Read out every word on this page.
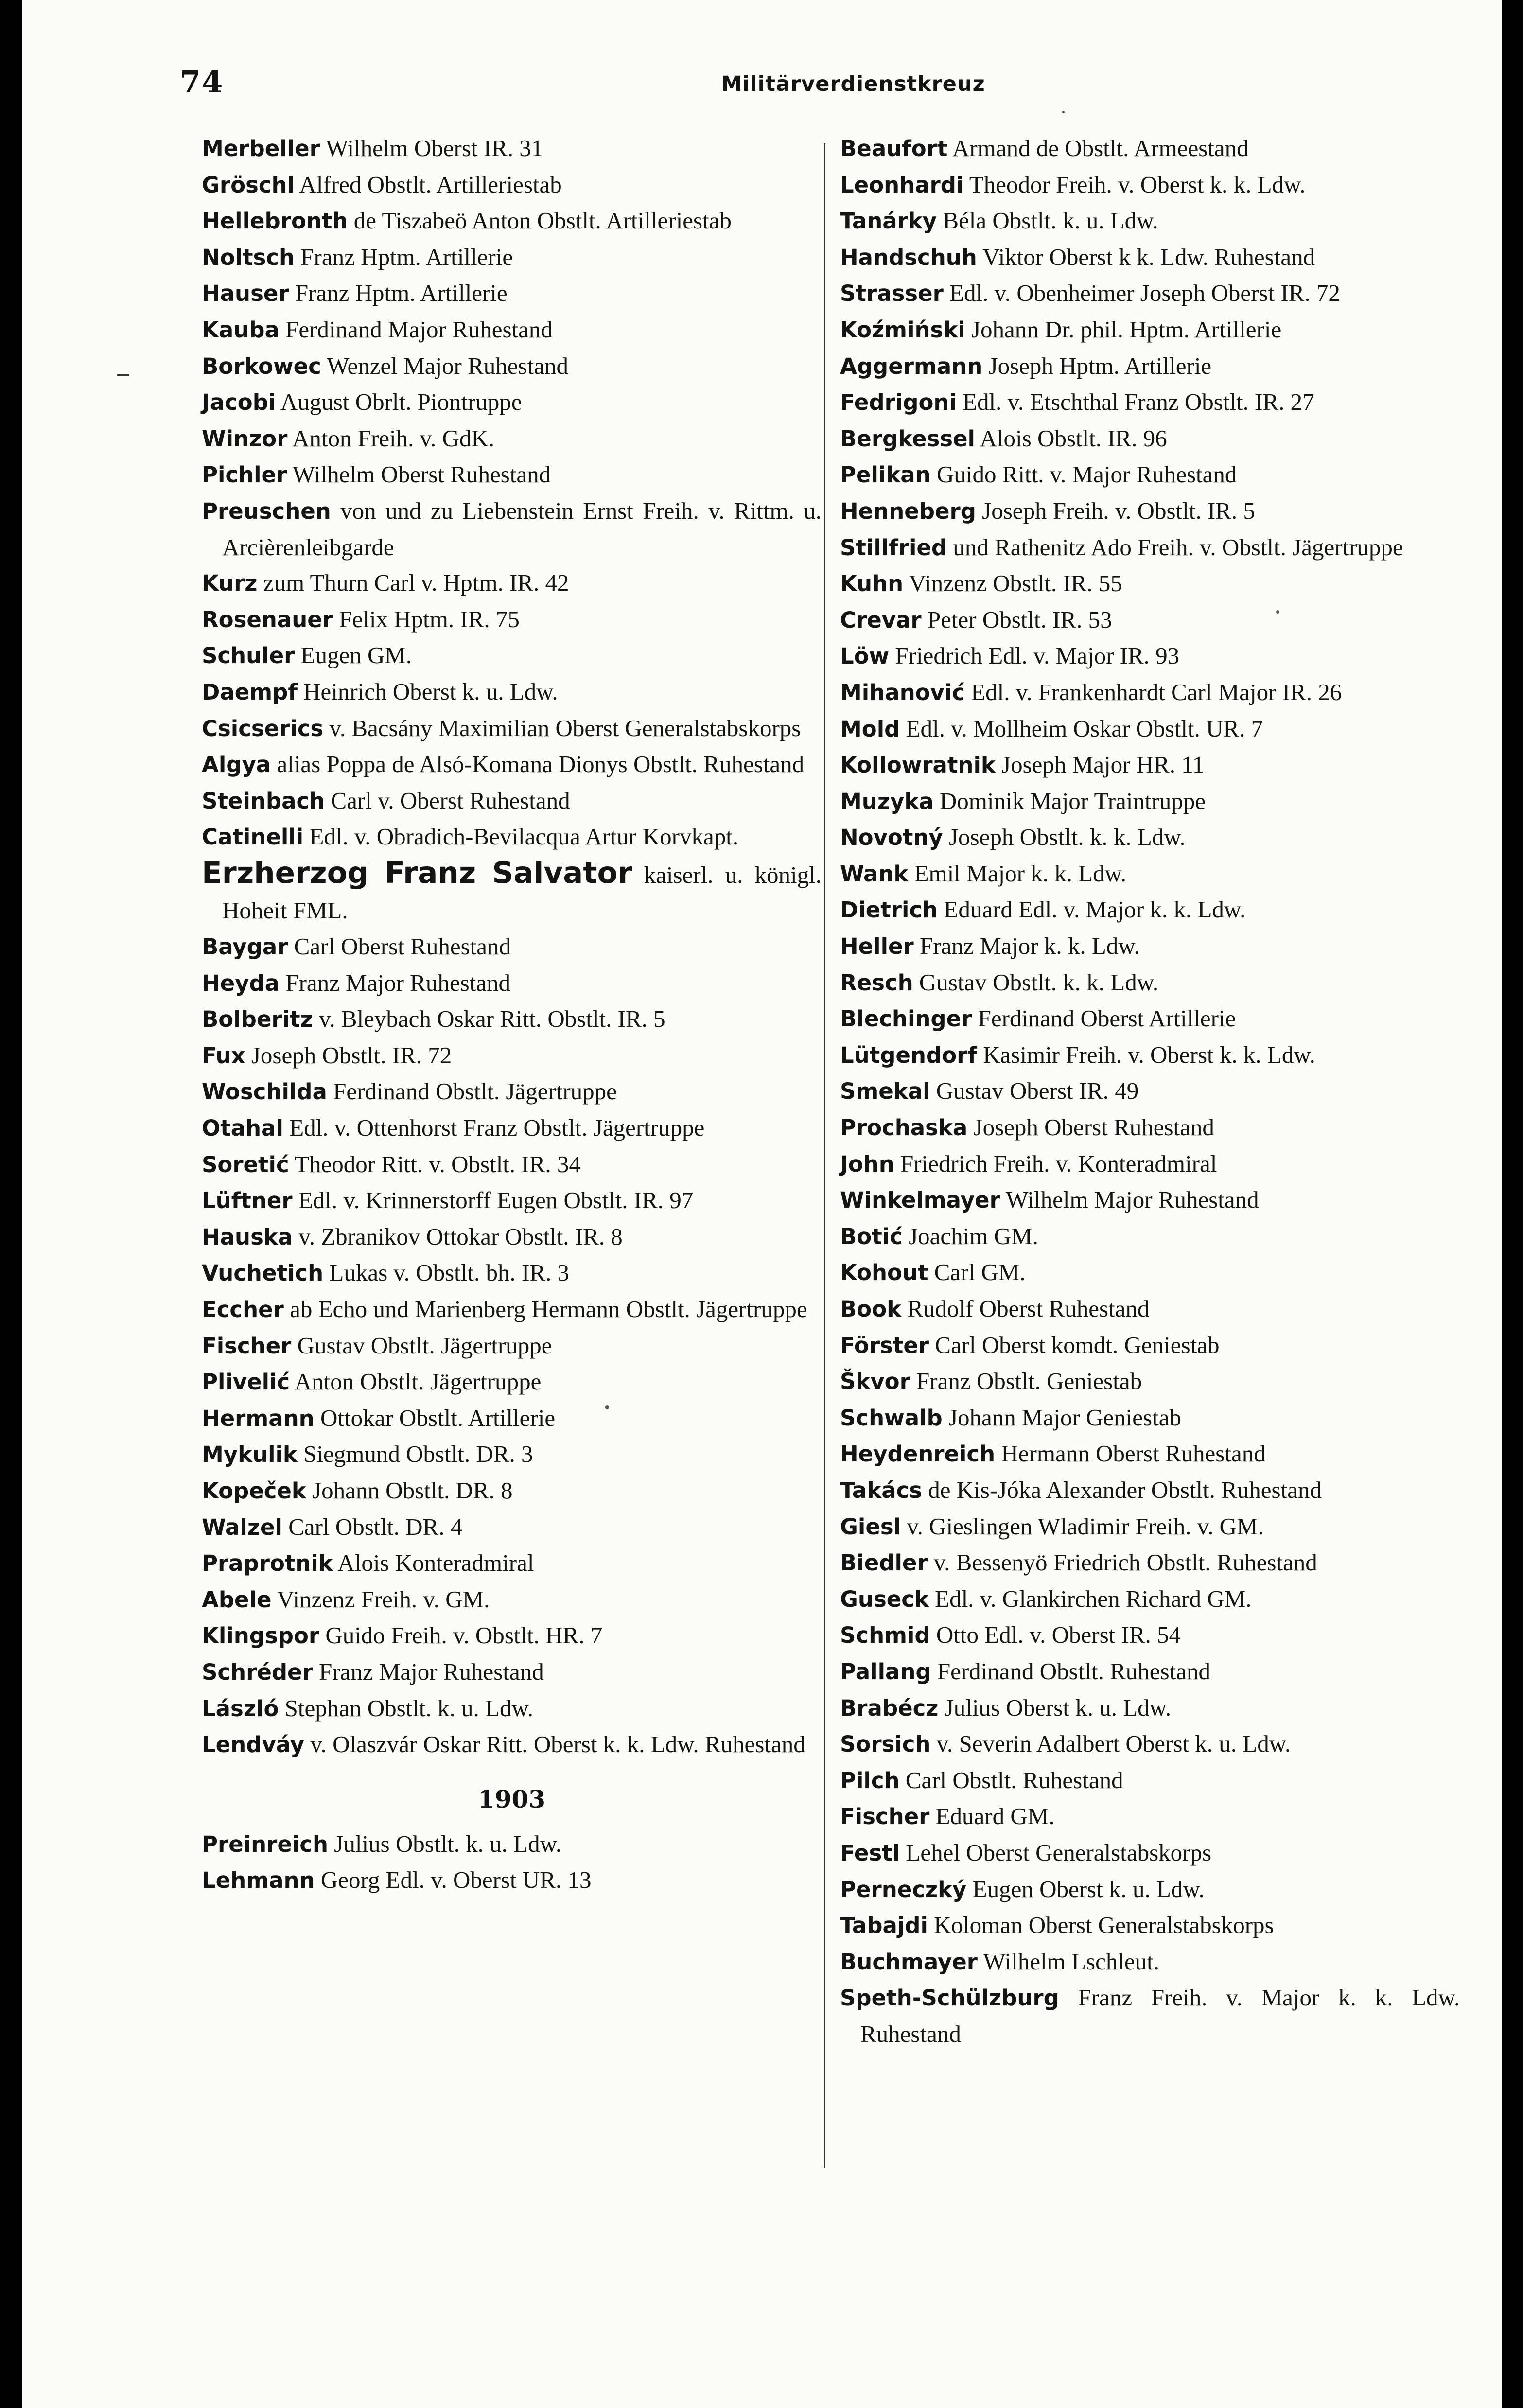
74	Militärverdienstkreuz

Merbeller Wilhelm Oberst IR. 31

Gröschl Alfred Obstlt. Artilleriestab

Hellebronth de Tiszabeö Anton Obstlt. Artilleriestab

Noltsch Franz Hptm. Artillerie

Hauser Franz Hptm. Artillerie

Kauba Ferdinand Major Ruhestand

Borkowec Wenzel Major Ruhestand

Jacobi August Obrlt. Piontruppe

Winzor Anton Freih. v. GdK.

Pichler Wilhelm Oberst Ruhestand

Preuschen von und zu Liebenstein Ernst Freih. v. Rittm. u. Arcièrenleibgarde

Kurz zum Thurn Carl v. Hptm. IR. 42

Rosenauer Felix Hptm. IR. 75

Schuler Eugen GM.

Daempf Heinrich Oberst k. u. Ldw.

Csicserics v. Bacsány Maximilian Oberst Generalstabskorps

Algya alias Poppa de Alsó-Komana Dionys Obstlt. Ruhestand

Steinbach Carl v. Oberst Ruhestand

Catinelli Edl. v. Obradich-Bevilacqua Artur Korvkapt.

Erzherzog Franz Salvator kaiserl. u. königl. Hoheit FML.

Baygar Carl Oberst Ruhestand

Heyda Franz Major Ruhestand

Bolberitz v. Bleybach Oskar Ritt. Obstlt. IR. 5

Fux Joseph Obstlt. IR. 72

Woschilda Ferdinand Obstlt. Jägertruppe

Otahal Edl. v. Ottenhorst Franz Obstlt. Jägertruppe

Soretić Theodor Ritt. v. Obstlt. IR. 34

Lüftner Edl. v. Krinnerstorff Eugen Obstlt. IR. 97

Hauska v. Zbranikov Ottokar Obstlt. IR. 8

Vuchetich Lukas v. Obstlt. bh. IR. 3

Eccher ab Echo und Marienberg Hermann Obstlt. Jägertruppe

Fischer Gustav Obstlt. Jägertruppe

Plivelić Anton Obstlt. Jägertruppe

Hermann Ottokar Obstlt. Artillerie

Mykulik Siegmund Obstlt. DR. 3

Kopeček Johann Obstlt. DR. 8

Walzel Carl Obstlt. DR. 4

Praprotnik Alois Konteradmiral

Abele Vinzenz Freih. v. GM.

Klingspor Guido Freih. v. Obstlt. HR. 7

Schréder Franz Major Ruhestand

László Stephan Obstlt. k. u. Ldw.

Lendváy v. Olaszvár Oskar Ritt. Oberst k. k. Ldw. Ruhestand

1903

Preinreich Julius Obstlt. k. u. Ldw.

Lehmann Georg Edl. v. Oberst UR. 13

Beaufort Armand de Obstlt. Armeestand

Leonhardi Theodor Freih. v. Oberst k. k. Ldw.

Tanárky Béla Obstlt. k. u. Ldw.

Handschuh Viktor Oberst k k. Ldw. Ruhestand

Strasser Edl. v. Obenheimer Joseph Oberst IR. 72

Koźmiński Johann Dr. phil. Hptm. Artillerie

Aggermann Joseph Hptm. Artillerie

Fedrigoni Edl. v. Etschthal Franz Obstlt. IR. 27

Bergkessel Alois Obstlt. IR. 96

Pelikan Guido Ritt. v. Major Ruhestand

Henneberg Joseph Freih. v. Obstlt. IR. 5

Stillfried und Rathenitz Ado Freih. v. Obstlt. Jägertruppe

Kuhn Vinzenz Obstlt. IR. 55

Crevar Peter Obstlt. IR. 53

Löw Friedrich Edl. v. Major IR. 93

Mihanović Edl. v. Frankenhardt Carl Major IR. 26

Mold Edl. v. Mollheim Oskar Obstlt. UR. 7

Kollowratnik Joseph Major HR. 11

Muzyka Dominik Major Traintruppe

Novotný Joseph Obstlt. k. k. Ldw.

Wank Emil Major k. k. Ldw.

Dietrich Eduard Edl. v. Major k. k. Ldw.

Heller Franz Major k. k. Ldw.

Resch Gustav Obstlt. k. k. Ldw.

Blechinger Ferdinand Oberst Artillerie

Lütgendorf Kasimir Freih. v. Oberst k. k. Ldw.

Smekal Gustav Oberst IR. 49

Prochaska Joseph Oberst Ruhestand

John Friedrich Freih. v. Konteradmiral

Winkelmayer Wilhelm Major Ruhestand

Botić Joachim GM.

Kohout Carl GM.

Book Rudolf Oberst Ruhestand

Förster Carl Oberst komdt. Geniestab

Škvor Franz Obstlt. Geniestab

Schwalb Johann Major Geniestab

Heydenreich Hermann Oberst Ruhestand

Takács de Kis-Jóka Alexander Obstlt. Ruhestand

Giesl v. Gieslingen Wladimir Freih. v. GM.

Biedler v. Bessenyö Friedrich Obstlt. Ruhestand

Guseck Edl. v. Glankirchen Richard GM.

Schmid Otto Edl. v. Oberst IR. 54

Pallang Ferdinand Obstlt. Ruhestand

Brabécz Julius Oberst k. u. Ldw.

Sorsich v. Severin Adalbert Oberst k. u. Ldw.

Pilch Carl Obstlt. Ruhestand

Fischer Eduard GM.

Festl Lehel Oberst Generalstabskorps

Perneczký Eugen Oberst k. u. Ldw.

Tabajdi Koloman Oberst Generalstabskorps

Buchmayer Wilhelm Lschleut.

Speth-Schülzburg Franz Freih. v. Major k. k. Ldw. Ruhestand
